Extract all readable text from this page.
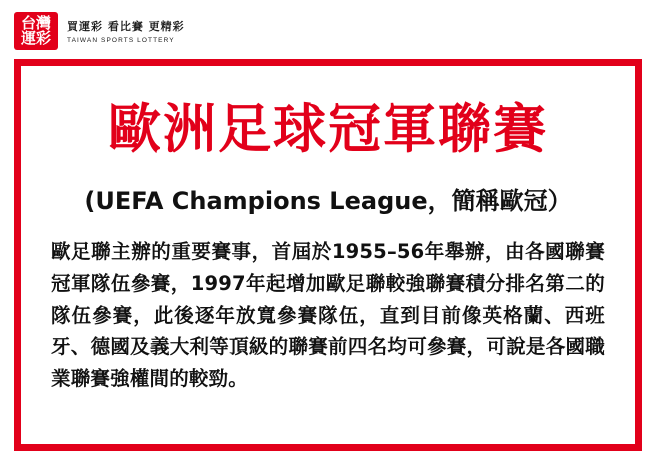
台灣
運彩
買運彩 看比賽 更精彩
TAIWAN SPORTS LOTTERY
歐洲足球冠軍聯賽
(UEFA Champions League，簡稱歐冠）
歐足聯主辦的重要賽事，首屆於1955–56年舉辦，由各國聯賽冠軍隊伍參賽，1997年起增加歐足聯較強聯賽積分排名第二的隊伍參賽，此後逐年放寬參賽隊伍，直到目前像英格蘭、西班牙、德國及義大利等頂級的聯賽前四名均可參賽，可說是各國職業聯賽強權間的較勁。
